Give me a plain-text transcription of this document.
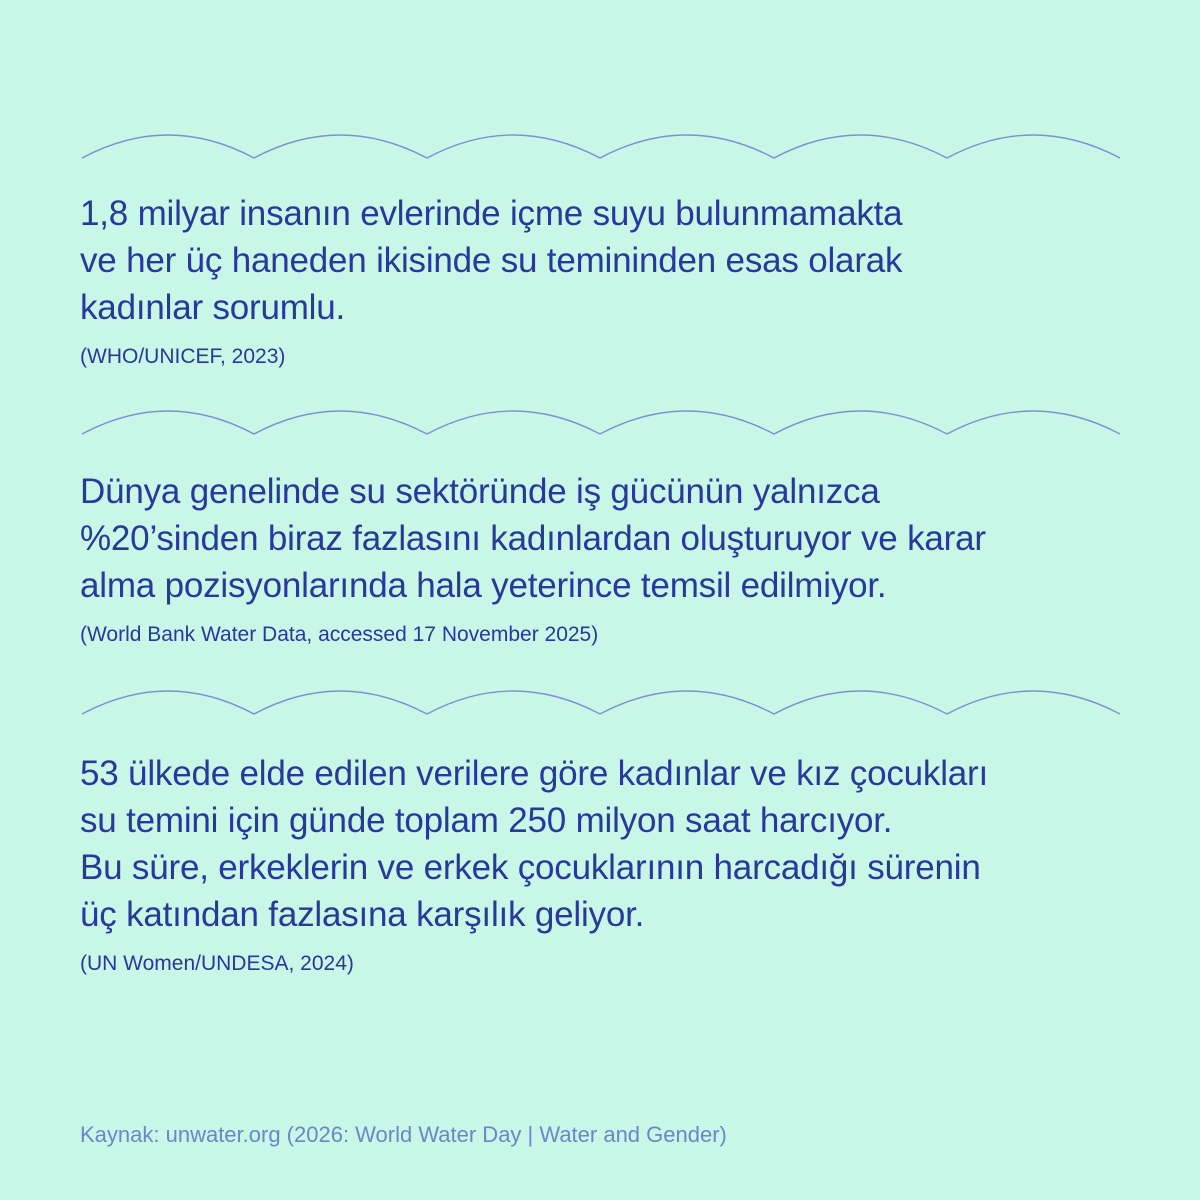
1,8 milyar insanın evlerinde içme suyu bulunmamakta
ve her üç haneden ikisinde su temininden esas olarak
kadınlar sorumlu.

(WHO/UNICEF, 2023)

Dünya genelinde su sektöründe iş gücünün yalnızca
%20’sinden biraz fazlasını kadınlardan oluşturuyor ve karar
alma pozisyonlarında hala yeterince temsil edilmiyor.

(World Bank Water Data, accessed 17 November 2025)

53 ülkede elde edilen verilere göre kadınlar ve kız çocukları
su temini için günde toplam 250 milyon saat harcıyor.
Bu süre, erkeklerin ve erkek çocuklarının harcadığı sürenin
üç katından fazlasına karşılık geliyor.

(UN Women/UNDESA, 2024)
Kaynak: unwater.org (2026: World Water Day | Water and Gender)
